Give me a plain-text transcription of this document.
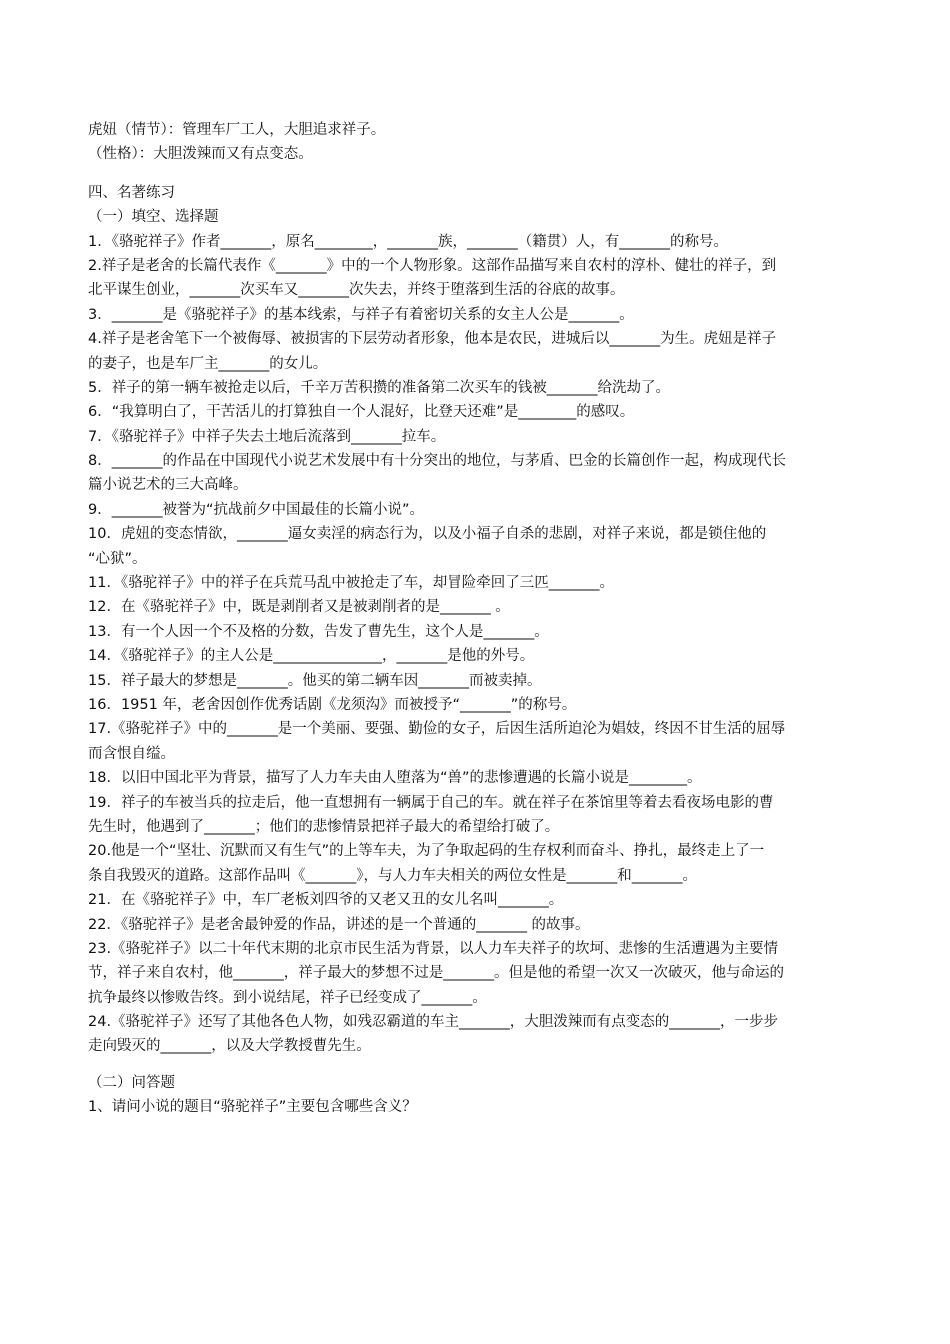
虎妞（情节）：管理车厂工人，大胆追求祥子。
（性格）：大胆泼辣而又有点变态。
四、名著练习
（一）填空、选择题
1．《骆驼祥子》作者_______，原名________，_______族，_______（籍贯）人，有_______的称号。
2.祥子是老舍的长篇代表作《_______》中的一个人物形象。这部作品描写来自农村的淳朴、健壮的祥子，到
北平谋生创业，_______次买车又_______次失去，并终于堕落到生活的谷底的故事。
3．_______是《骆驼祥子》的基本线索，与祥子有着密切关系的女主人公是_______。
4.祥子是老舍笔下一个被侮辱、被损害的下层劳动者形象，他本是农民，进城后以_______为生。虎妞是祥子
的妻子，也是车厂主_______的女儿。
5．祥子的第一辆车被抢走以后，千辛万苦积攒的准备第二次买车的钱被_______给洗劫了。
6．“我算明白了，干苦活儿的打算独自一个人混好，比登天还难”是________的感叹。
7．《骆驼祥子》中祥子失去土地后流落到_______拉车。
8．_______的作品在中国现代小说艺术发展中有十分突出的地位，与茅盾、巴金的长篇创作一起，构成现代长
篇小说艺术的三大高峰。
9．_______被誉为“抗战前夕中国最佳的长篇小说”。
10．虎妞的变态情欲，_______逼女卖淫的病态行为，以及小福子自杀的悲剧，对祥子来说，都是锁住他的
“心狱”。
11．《骆驼祥子》中的祥子在兵荒马乱中被抢走了车，却冒险牵回了三匹_______。
12．在《骆驼祥子》中，既是剥削者又是被剥削者的是_______ 。
13．有一个人因一个不及格的分数，告发了曹先生，这个人是_______。
14．《骆驼祥子》的主人公是_______________，_______是他的外号。
15．祥子最大的梦想是_______。他买的第二辆车因_______而被卖掉。
16．1951 年，老舍因创作优秀话剧《龙须沟》而被授予“_______”的称号。
17.《骆驼祥子》中的_______是一个美丽、要强、勤俭的女子，后因生活所迫沦为娼妓，终因不甘生活的屈辱
而含恨自缢。
18．以旧中国北平为背景，描写了人力车夫由人堕落为“兽”的悲惨遭遇的长篇小说是________。
19．祥子的车被当兵的拉走后，他一直想拥有一辆属于自己的车。就在祥子在茶馆里等着去看夜场电影的曹
先生时，他遇到了_______；他们的悲惨情景把祥子最大的希望给打破了。
20.他是一个“坚壮、沉默而又有生气”的上等车夫，为了争取起码的生存权利而奋斗、挣扎，最终走上了一
条自我毁灭的道路。这部作品叫《_______》，与人力车夫相关的两位女性是_______和_______。
21．在《骆驼祥子》中，车厂老板刘四爷的又老又丑的女儿名叫_______。
22．《骆驼祥子》是老舍最钟爱的作品，讲述的是一个普通的_______ 的故事。
23.《骆驼祥子》以二十年代末期的北京市民生活为背景，以人力车夫祥子的坎坷、悲惨的生活遭遇为主要情
节，祥子来自农村，他_______，祥子最大的梦想不过是_______。但是他的希望一次又一次破灭，他与命运的
抗争最终以惨败告终。到小说结尾，祥子已经变成了_______。
24.《骆驼祥子》还写了其他各色人物，如残忍霸道的车主_______，大胆泼辣而有点变态的_______，一步步
走向毁灭的_______，以及大学教授曹先生。
（二）问答题
1、请问小说的题目“骆驼祥子”主要包含哪些含义？
